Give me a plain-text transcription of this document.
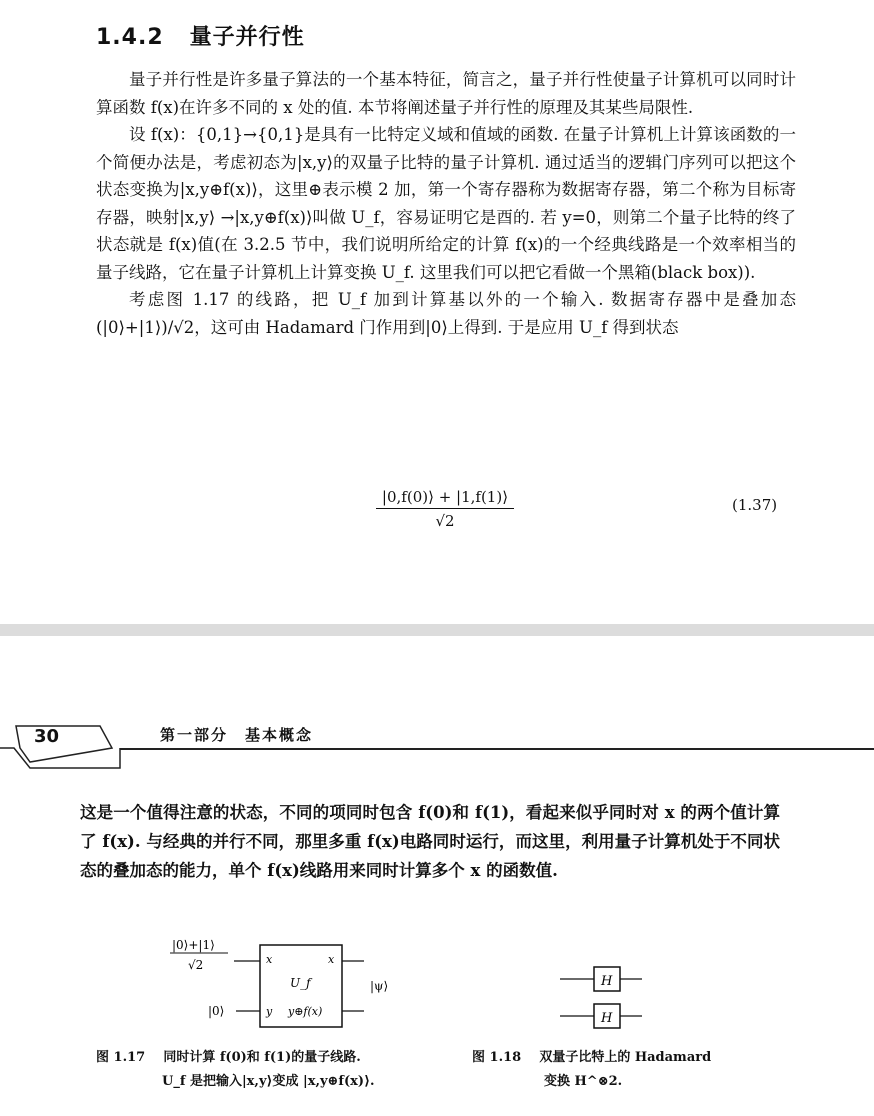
1.4.2 量子并行性

量子并行性是许多量子算法的一个基本特征，简言之，量子并行性使量子计算机可以同时计算函数 f(x)在许多不同的 x 处的值. 本节将阐述量子并行性的原理及其某些局限性.

设 f(x)：{0,1}→{0,1}是具有一比特定义域和值域的函数. 在量子计算机上计算该函数的一个简便办法是，考虑初态为|x,y⟩的双量子比特的量子计算机. 通过适当的逻辑门序列可以把这个状态变换为|x,y⊕f(x)⟩，这里⊕表示模 2 加，第一个寄存器称为数据寄存器，第二个称为目标寄存器，映射|x,y⟩ →|x,y⊕f(x)⟩叫做 U_f，容易证明它是酉的. 若 y=0，则第二个量子比特的终了状态就是 f(x)值(在 3.2.5 节中，我们说明所给定的计算 f(x)的一个经典线路是一个效率相当的量子线路，它在量子计算机上计算变换 U_f. 这里我们可以把它看做一个黑箱(black box)).

考虑图 1.17 的线路，把 U_f 加到计算基以外的一个输入. 数据寄存器中是叠加态(|0⟩+|1⟩)/√2，这可由 Hadamard 门作用到|0⟩上得到. 于是应用 U_f 得到状态

$\frac{|0,f(0)⟩ + |1,f(1)⟩}{√2}$	(1.37)
30	第一部分　基本概念

这是一个值得注意的状态，不同的项同时包含 f(0)和 f(1)，看起来似乎同时对 x 的两个值计算了 f(x). 与经典的并行不同，那里多重 f(x)电路同时运行，而这里，利用量子计算机处于不同状态的叠加态的能力，单个 f(x)线路用来同时计算多个 x 的函数值.

|0⟩+|1⟩
√2
|0⟩
x	x
U_f
y y⊕f(x)
|ψ⟩	H
H
图 1.17 同时计算 f(0)和 f(1)的量子线路.
U_f 是把输入|x,y⟩变成 |x,y⊕f(x)⟩.
图 1.18 双量子比特上的 Hadamard
变换 H^⊗2.
